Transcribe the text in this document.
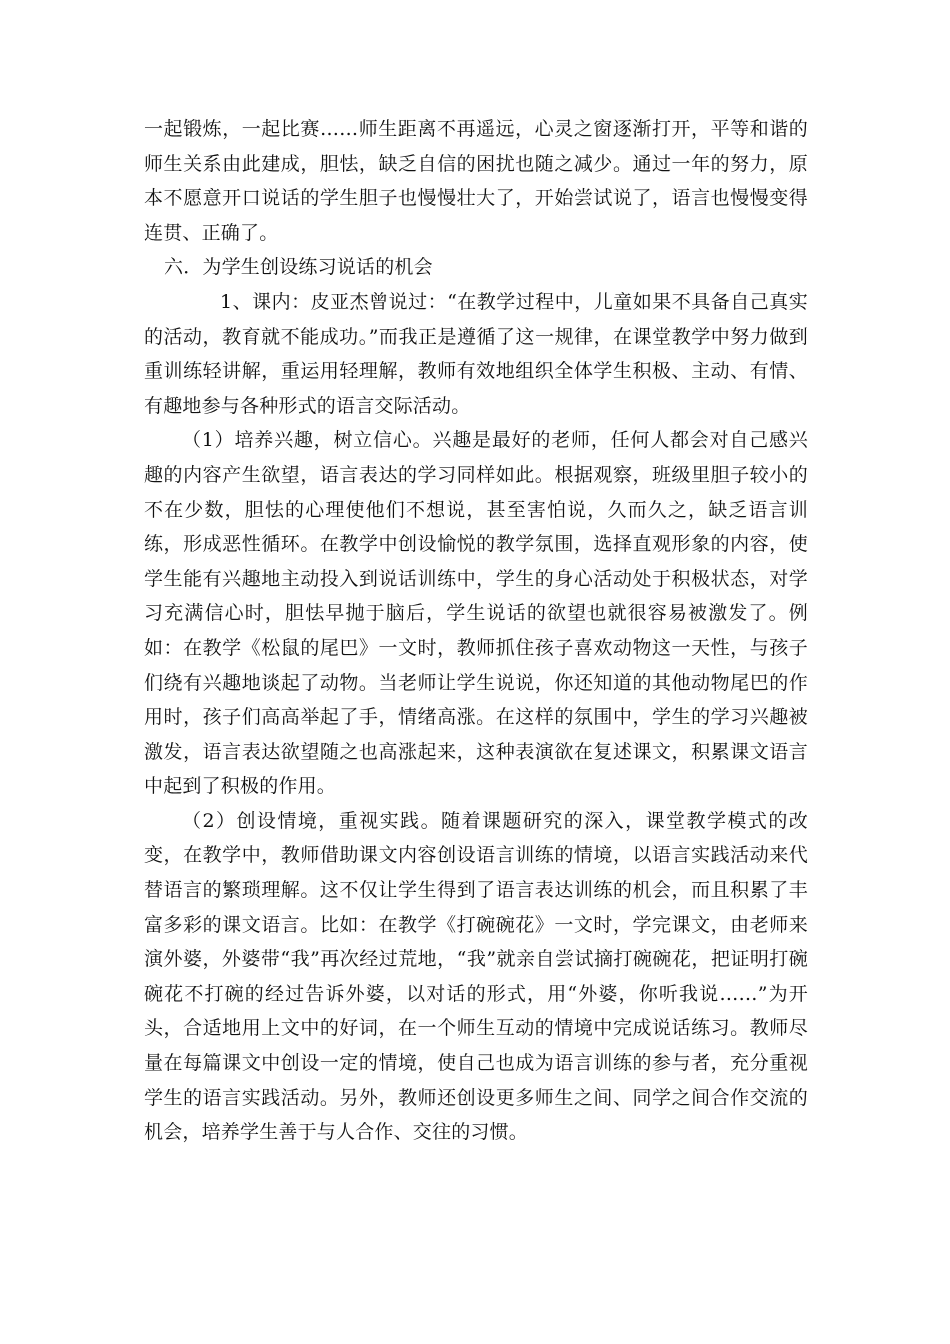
一起锻炼，一起比赛……师生距离不再遥远，心灵之窗逐渐打开，平等和谐的师生关系由此建成，胆怯，缺乏自信的困扰也随之减少。通过一年的努力，原本不愿意开口说话的学生胆子也慢慢壮大了，开始尝试说了，语言也慢慢变得连贯、正确了。

六．为学生创设练习说话的机会

1、课内：皮亚杰曾说过：“在教学过程中，儿童如果不具备自己真实的活动，教育就不能成功。”而我正是遵循了这一规律，在课堂教学中努力做到重训练轻讲解，重运用轻理解，教师有效地组织全体学生积极、主动、有情、有趣地参与各种形式的语言交际活动。

（1）培养兴趣，树立信心。兴趣是最好的老师，任何人都会对自己感兴趣的内容产生欲望，语言表达的学习同样如此。根据观察，班级里胆子较小的不在少数，胆怯的心理使他们不想说，甚至害怕说，久而久之，缺乏语言训练，形成恶性循环。在教学中创设愉悦的教学氛围，选择直观形象的内容，使学生能有兴趣地主动投入到说话训练中，学生的身心活动处于积极状态，对学习充满信心时，胆怯早抛于脑后，学生说话的欲望也就很容易被激发了。例如：在教学《松鼠的尾巴》一文时，教师抓住孩子喜欢动物这一天性，与孩子们绕有兴趣地谈起了动物。当老师让学生说说，你还知道的其他动物尾巴的作用时，孩子们高高举起了手，情绪高涨。在这样的氛围中，学生的学习兴趣被激发，语言表达欲望随之也高涨起来，这种表演欲在复述课文，积累课文语言中起到了积极的作用。

（2）创设情境，重视实践。随着课题研究的深入，课堂教学模式的改变，在教学中，教师借助课文内容创设语言训练的情境，以语言实践活动来代替语言的繁琐理解。这不仅让学生得到了语言表达训练的机会，而且积累了丰富多彩的课文语言。比如：在教学《打碗碗花》一文时，学完课文，由老师来演外婆，外婆带“我”再次经过荒地，“我”就亲自尝试摘打碗碗花，把证明打碗碗花不打碗的经过告诉外婆，以对话的形式，用“外婆，你听我说……”为开头，合适地用上文中的好词，在一个师生互动的情境中完成说话练习。教师尽量在每篇课文中创设一定的情境，使自己也成为语言训练的参与者，充分重视学生的语言实践活动。另外，教师还创设更多师生之间、同学之间合作交流的机会，培养学生善于与人合作、交往的习惯。
